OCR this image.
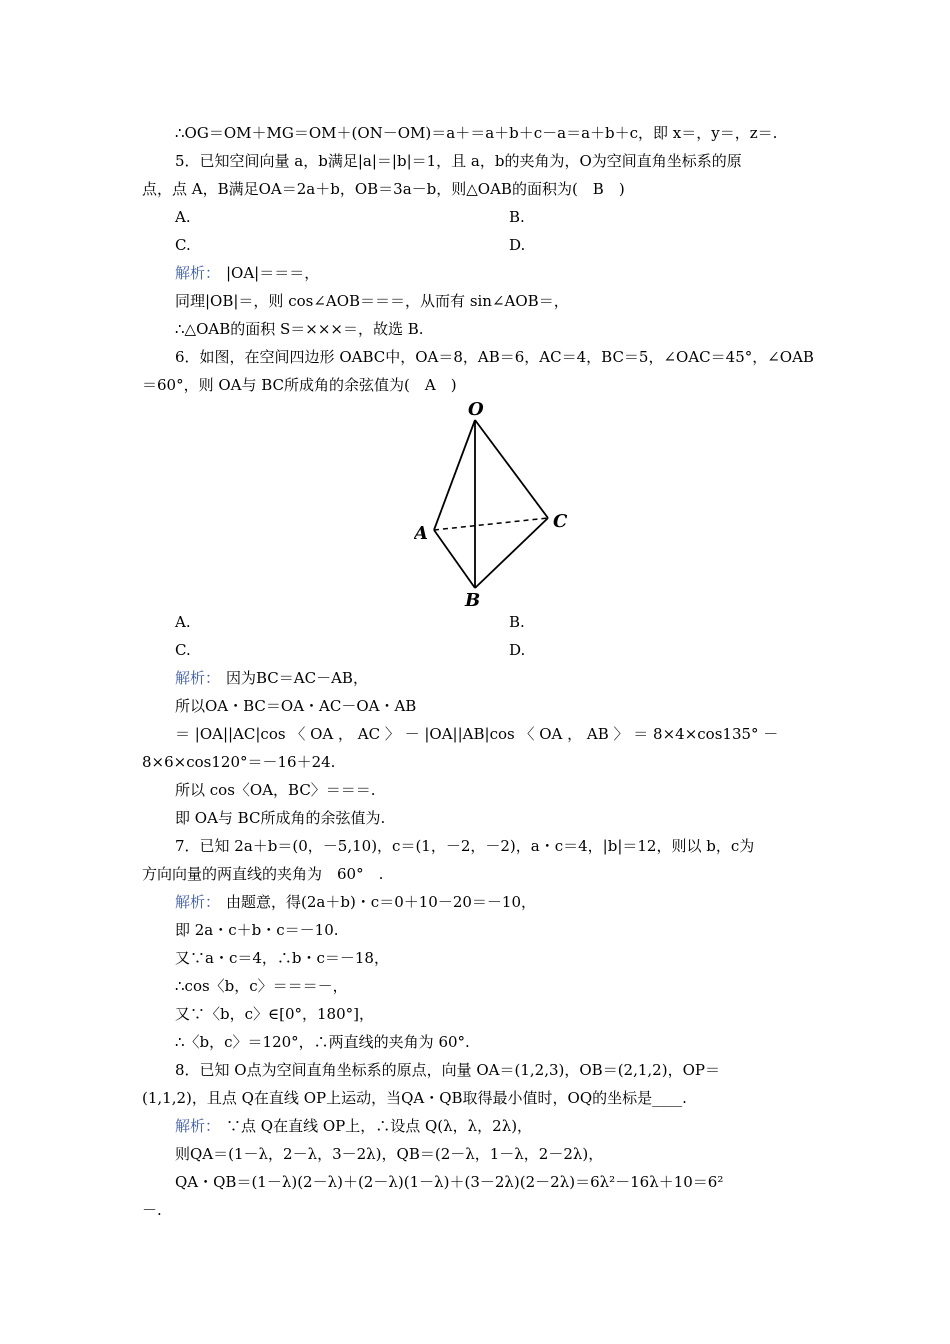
∴OG＝OM＋MG＝OM＋(ON－OM)＝a＋＝a＋b＋c－a＝a＋b＋c，即 x＝，y＝，z＝.
5．已知空间向量 a，b满足|a|＝|b|＝1，且 a，b的夹角为，O为空间直角坐标系的原
点，点 A，B满足OA＝2a＋b，OB＝3a－b，则△OAB的面积为(　B　)
A.	B.
C.	D.
解析： |OA|＝＝＝，
同理|OB|＝，则 cos∠AOB＝＝＝，从而有 sin∠AOB＝，
∴△OAB的面积 S＝×××＝，故选 B.
6．如图，在空间四边形 OABC中，OA＝8，AB＝6，AC＝4，BC＝5，∠OAC＝45°，∠OAB
＝60°，则 OA与 BC所成角的余弦值为(　A　)
O
A
B
C
A.	B.
C.	D.
解析： 因为BC＝AC－AB，
所以OA・BC＝OA・AC－OA・AB
＝ |OA||AC|cos 〈 OA ， AC 〉 － |OA||AB|cos 〈 OA ， AB 〉 ＝ 8×4×cos135° －
8×6×cos120°＝－16＋24.
所以 cos〈OA，BC〉＝＝＝.
即 OA与 BC所成角的余弦值为.
7．已知 2a＋b＝(0，－5,10)，c＝(1，－2，－2)，a・c＝4，|b|＝12，则以 b，c为
方向向量的两直线的夹角为　60°　.
解析： 由题意，得(2a＋b)・c＝0＋10－20＝－10，
即 2a・c＋b・c＝－10.
又∵a・c＝4，∴b・c＝－18，
∴cos〈b，c〉＝＝＝－，
又∵〈b，c〉∈[0°，180°]，
∴〈b，c〉＝120°，∴两直线的夹角为 60°.
8．已知 O点为空间直角坐标系的原点，向量 OA＝(1,2,3)，OB＝(2,1,2)，OP＝
(1,1,2)，且点 Q在直线 OP上运动，当QA・QB取得最小值时，OQ的坐标是____.
解析： ∵点 Q在直线 OP上，∴设点 Q(λ，λ，2λ)，
则QA＝(1－λ，2－λ，3－2λ)，QB＝(2－λ，1－λ，2－2λ)，
QA・QB＝(1－λ)(2－λ)＋(2－λ)(1－λ)＋(3－2λ)(2－2λ)＝6λ²－16λ＋10＝6²
－.
